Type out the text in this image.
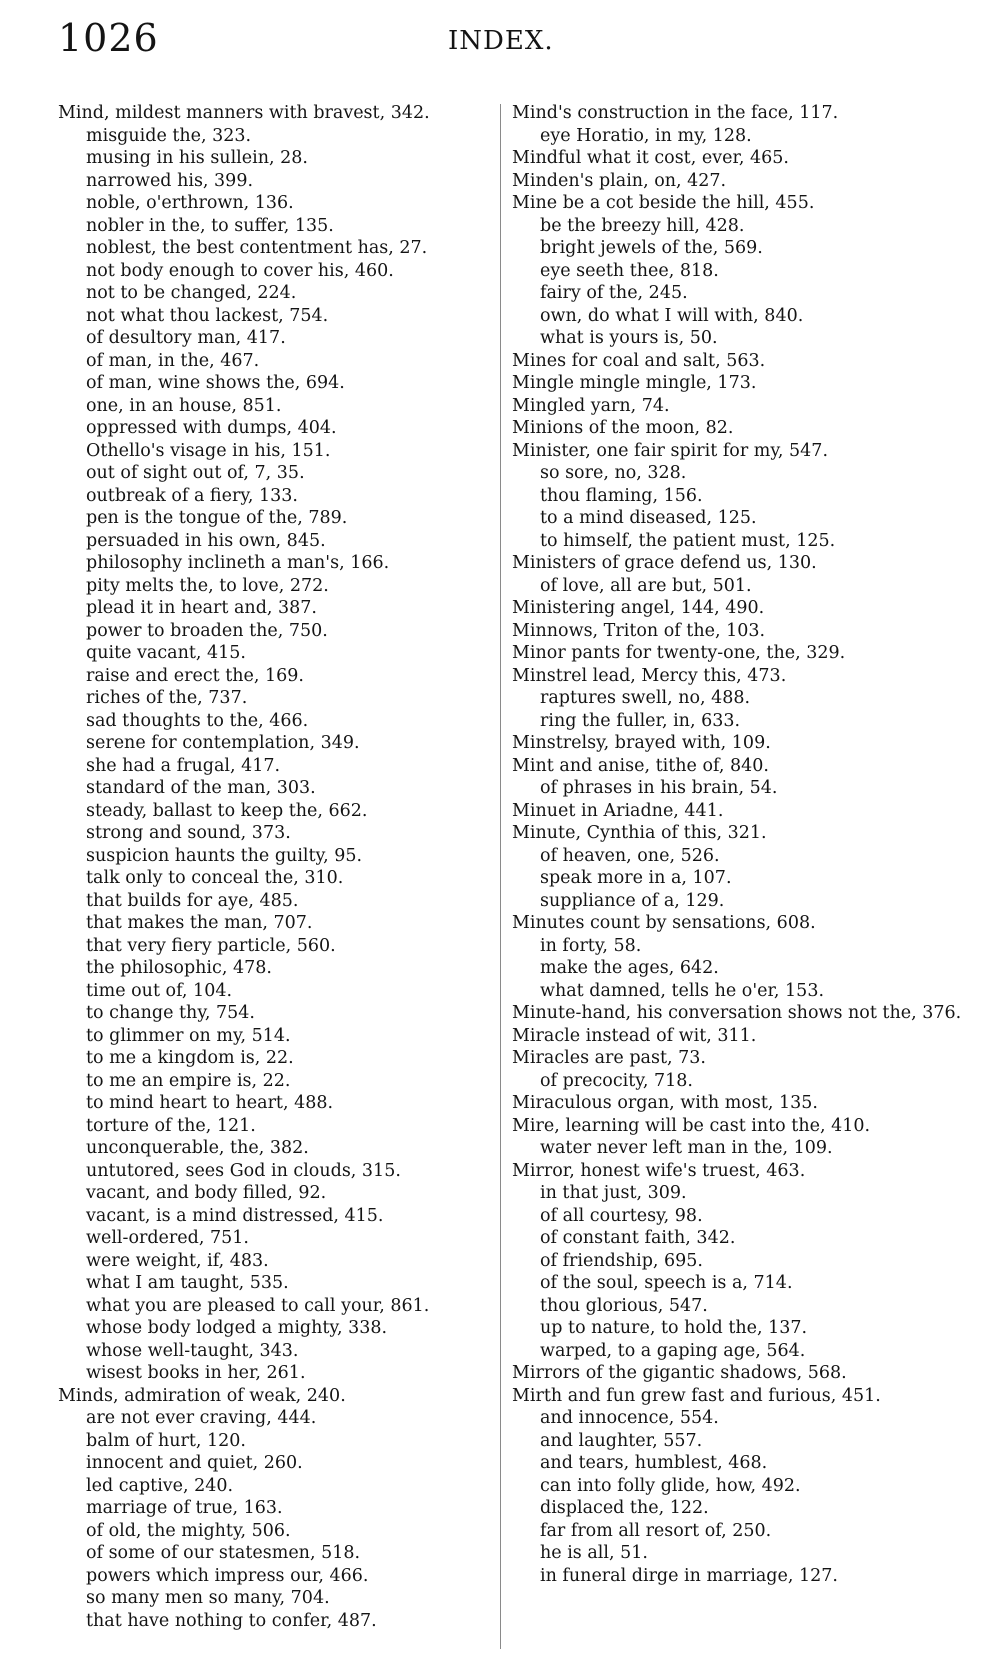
1026	INDEX.
Mind, mildest manners with bravest, 342.
misguide the, 323.
musing in his sullein, 28.
narrowed his, 399.
noble, o'erthrown, 136.
nobler in the, to suffer, 135.
noblest, the best contentment has, 27.
not body enough to cover his, 460.
not to be changed, 224.
not what thou lackest, 754.
of desultory man, 417.
of man, in the, 467.
of man, wine shows the, 694.
one, in an house, 851.
oppressed with dumps, 404.
Othello's visage in his, 151.
out of sight out of, 7, 35.
outbreak of a fiery, 133.
pen is the tongue of the, 789.
persuaded in his own, 845.
philosophy inclineth a man's, 166.
pity melts the, to love, 272.
plead it in heart and, 387.
power to broaden the, 750.
quite vacant, 415.
raise and erect the, 169.
riches of the, 737.
sad thoughts to the, 466.
serene for contemplation, 349.
she had a frugal, 417.
standard of the man, 303.
steady, ballast to keep the, 662.
strong and sound, 373.
suspicion haunts the guilty, 95.
talk only to conceal the, 310.
that builds for aye, 485.
that makes the man, 707.
that very fiery particle, 560.
the philosophic, 478.
time out of, 104.
to change thy, 754.
to glimmer on my, 514.
to me a kingdom is, 22.
to me an empire is, 22.
to mind heart to heart, 488.
torture of the, 121.
unconquerable, the, 382.
untutored, sees God in clouds, 315.
vacant, and body filled, 92.
vacant, is a mind distressed, 415.
well-ordered, 751.
were weight, if, 483.
what I am taught, 535.
what you are pleased to call your, 861.
whose body lodged a mighty, 338.
whose well-taught, 343.
wisest books in her, 261.
Minds, admiration of weak, 240.
are not ever craving, 444.
balm of hurt, 120.
innocent and quiet, 260.
led captive, 240.
marriage of true, 163.
of old, the mighty, 506.
of some of our statesmen, 518.
powers which impress our, 466.
so many men so many, 704.
that have nothing to confer, 487.
Mind's construction in the face, 117.
eye Horatio, in my, 128.
Mindful what it cost, ever, 465.
Minden's plain, on, 427.
Mine be a cot beside the hill, 455.
be the breezy hill, 428.
bright jewels of the, 569.
eye seeth thee, 818.
fairy of the, 245.
own, do what I will with, 840.
what is yours is, 50.
Mines for coal and salt, 563.
Mingle mingle mingle, 173.
Mingled yarn, 74.
Minions of the moon, 82.
Minister, one fair spirit for my, 547.
so sore, no, 328.
thou flaming, 156.
to a mind diseased, 125.
to himself, the patient must, 125.
Ministers of grace defend us, 130.
of love, all are but, 501.
Ministering angel, 144, 490.
Minnows, Triton of the, 103.
Minor pants for twenty-one, the, 329.
Minstrel lead, Mercy this, 473.
raptures swell, no, 488.
ring the fuller, in, 633.
Minstrelsy, brayed with, 109.
Mint and anise, tithe of, 840.
of phrases in his brain, 54.
Minuet in Ariadne, 441.
Minute, Cynthia of this, 321.
of heaven, one, 526.
speak more in a, 107.
suppliance of a, 129.
Minutes count by sensations, 608.
in forty, 58.
make the ages, 642.
what damned, tells he o'er, 153.
Minute-hand, his conversation shows not the, 376.
Miracle instead of wit, 311.
Miracles are past, 73.
of precocity, 718.
Miraculous organ, with most, 135.
Mire, learning will be cast into the, 410.
water never left man in the, 109.
Mirror, honest wife's truest, 463.
in that just, 309.
of all courtesy, 98.
of constant faith, 342.
of friendship, 695.
of the soul, speech is a, 714.
thou glorious, 547.
up to nature, to hold the, 137.
warped, to a gaping age, 564.
Mirrors of the gigantic shadows, 568.
Mirth and fun grew fast and furious, 451.
and innocence, 554.
and laughter, 557.
and tears, humblest, 468.
can into folly glide, how, 492.
displaced the, 122.
far from all resort of, 250.
he is all, 51.
in funeral dirge in marriage, 127.
